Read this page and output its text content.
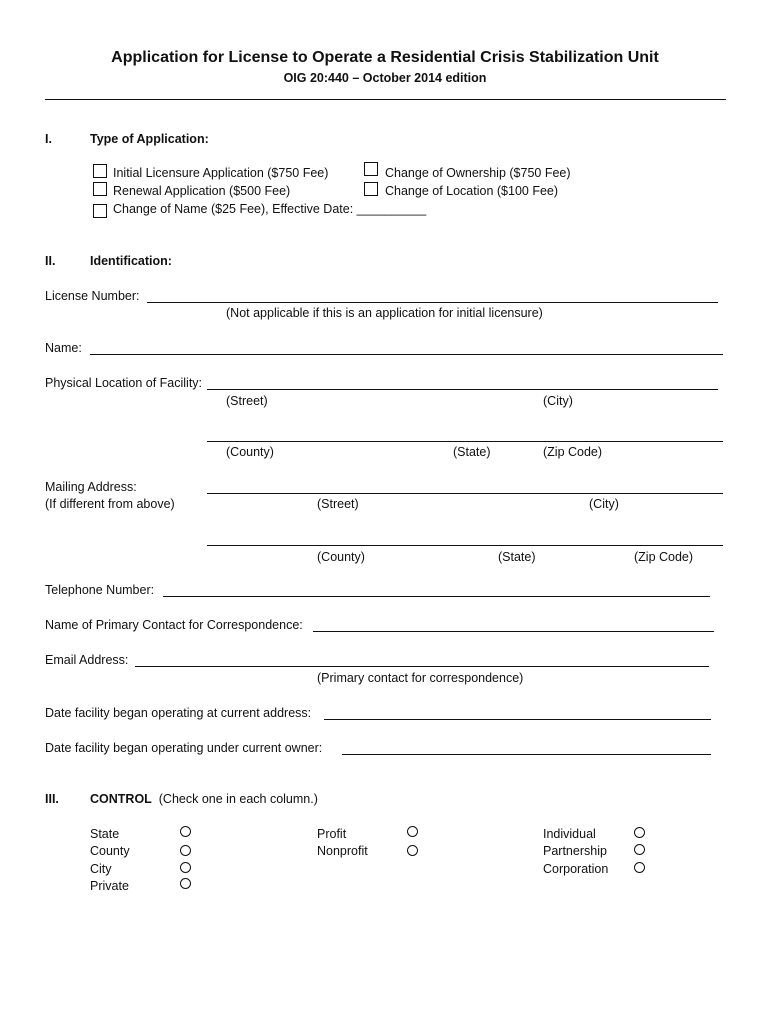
Application for License to Operate a Residential Crisis Stabilization Unit
OIG 20:440 – October 2014 edition
I.	Type of Application:
Initial Licensure Application ($750 Fee)	Change of Ownership ($750 Fee)
Renewal Application ($500 Fee)	Change of Location ($100 Fee)
Change of Name ($25 Fee), Effective Date: __________
II.	Identification:
License Number:
(Not applicable if this is an application for initial licensure)
Name:
Physical Location of Facility:
(Street)	(City)
(County)	(State)	(Zip Code)
Mailing Address:
(If different from above)	(Street)	(City)
(County)	(State)	(Zip Code)
Telephone Number:
Name of Primary Contact for Correspondence:
Email Address:
(Primary contact for correspondence)
Date facility began operating at current address:
Date facility began operating under current owner:
III. CONTROL (Check one in each column.)
State
County
City
Private
Profit
Nonprofit
Individual
Partnership
Corporation
